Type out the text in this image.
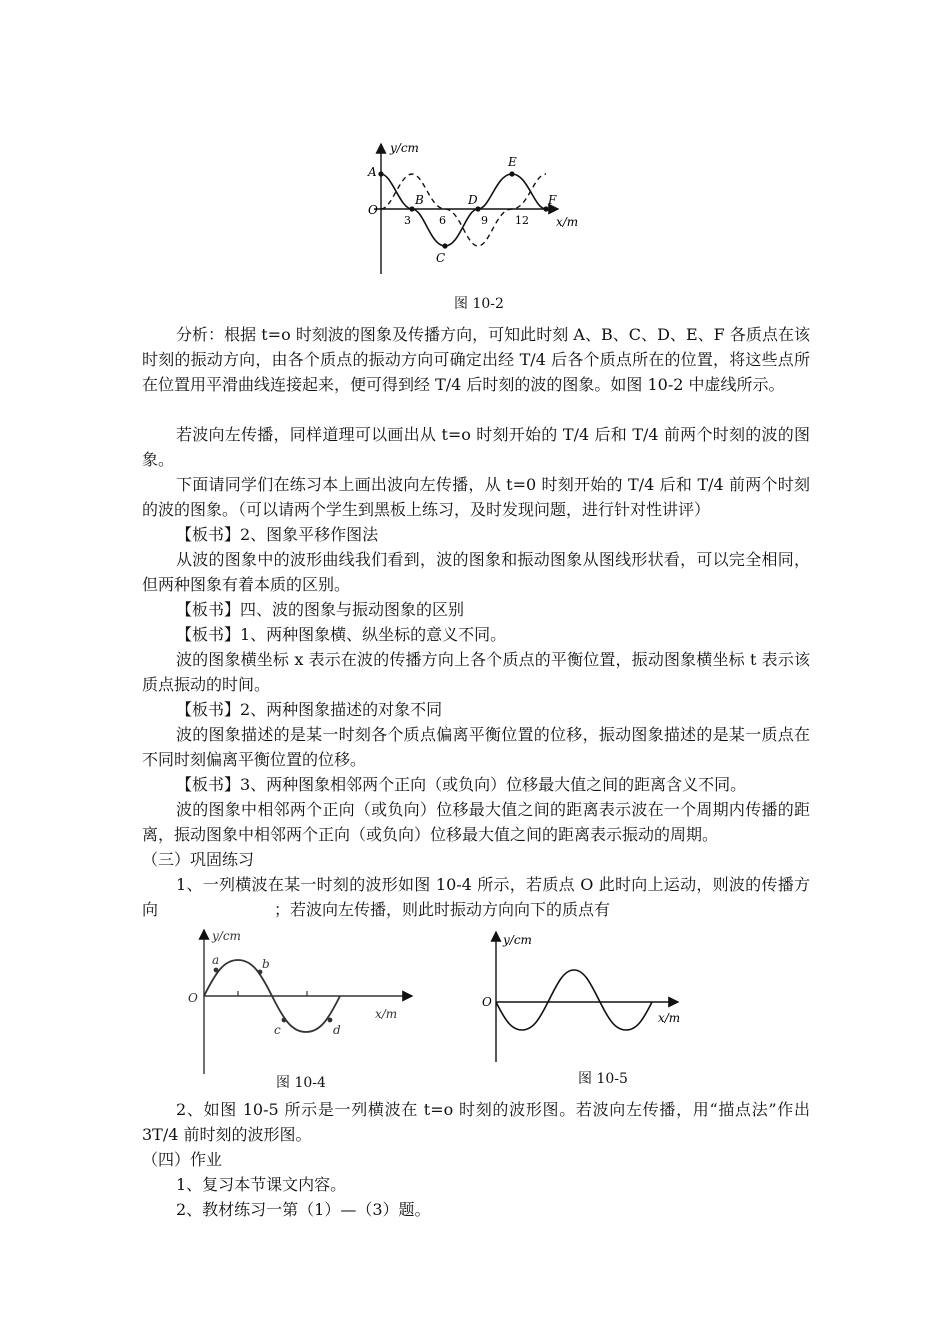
y/cm
x/m
O
3	6	9 12
A
B
C
D
E
F
图 10-2

分析：根据 t=o 时刻波的图象及传播方向，可知此时刻 A、B、C、D、E、F 各质点在该时刻的振动方向，由各个质点的振动方向可确定出经 T/4 后各个质点所在的位置，将这些点所在位置用平滑曲线连接起来，便可得到经 T/4 后时刻的波的图象。如图 10-2 中虚线所示。

若波向左传播，同样道理可以画出从 t=o 时刻开始的 T/4 后和 T/4 前两个时刻的波的图象。

下面请同学们在练习本上画出波向左传播，从 t=0 时刻开始的 T/4 后和 T/4 前两个时刻的波的图象。（可以请两个学生到黑板上练习，及时发现问题，进行针对性讲评）

【板书】2、图象平移作图法

从波的图象中的波形曲线我们看到，波的图象和振动图象从图线形状看，可以完全相同，但两种图象有着本质的区别。

【板书】四、波的图象与振动图象的区别

【板书】1、两种图象横、纵坐标的意义不同。

波的图象横坐标 x 表示在波的传播方向上各个质点的平衡位置，振动图象横坐标 t 表示该质点振动的时间。

【板书】2、两种图象描述的对象不同

波的图象描述的是某一时刻各个质点偏离平衡位置的位移，振动图象描述的是某一质点在不同时刻偏离平衡位置的位移。

【板书】3、两种图象相邻两个正向（或负向）位移最大值之间的距离含义不同。

波的图象中相邻两个正向（或负向）位移最大值之间的距离表示波在一个周期内传播的距离，振动图象中相邻两个正向（或负向）位移最大值之间的距离表示振动的周期。

（三）巩固练习

1、一列横波在某一时刻的波形如图 10-4 所示，若质点 O 此时向上运动，则波的传播方向	；若波向左传播，则此时振动方向向下的质点有

y/cm
x/m
O
a	b
c	d
图 10-4
y/cm
x/m
O
图 10-5

2、如图 10-5 所示是一列横波在 t=o 时刻的波形图。若波向左传播，用“描点法”作出 3T/4 前时刻的波形图。

（四）作业

1、复习本节课文内容。

2、教材练习一第（1）—（3）题。
